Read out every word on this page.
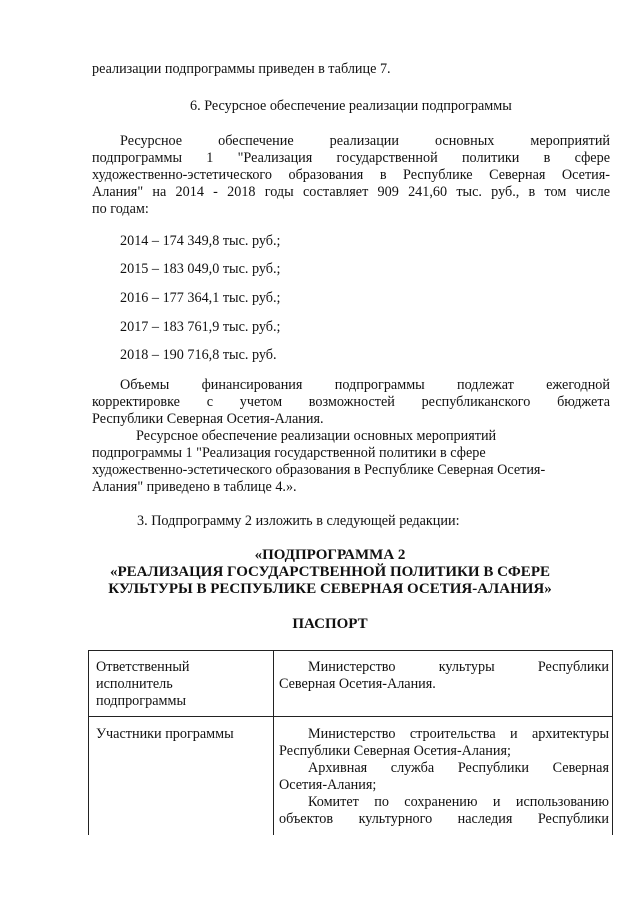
реализации подпрограммы приведен в таблице 7.
6. Ресурсное обеспечение реализации подпрограммы
Ресурсное обеспечение реализации основных мероприятий
подпрограммы 1 "Реализация государственной политики в сфере
художественно-эстетического образования в Республике Северная Осетия-
Алания" на 2014 - 2018 годы составляет 909 241,60 тыс. руб., в том числе
по годам:
2014 – 174 349,8 тыс. руб.;
2015 – 183 049,0 тыс. руб.;
2016 – 177 364,1 тыс. руб.;
2017 – 183 761,9 тыс. руб.;
2018 – 190 716,8 тыс. руб.
Объемы финансирования подпрограммы подлежат ежегодной
корректировке с учетом возможностей республиканского бюджета
Республики Северная Осетия-Алания.
Ресурсное обеспечение реализации основных мероприятий
подпрограммы 1 "Реализация государственной политики в сфере
художественно-эстетического образования в Республике Северная Осетия-
Алания" приведено в таблице 4.».
3. Подпрограмму 2 изложить в следующей редакции:
«ПОДПРОГРАММА 2
«РЕАЛИЗАЦИЯ ГОСУДАРСТВЕННОЙ ПОЛИТИКИ В СФЕРЕ
КУЛЬТУРЫ В РЕСПУБЛИКЕ СЕВЕРНАЯ ОСЕТИЯ-АЛАНИЯ»
ПАСПОРТ
Ответственный
исполнитель
подпрограммы
Министерство культуры Республики
Северная Осетия-Алания.
Участники программы	Министерство строительства и архитектуры
Республики Северная Осетия-Алания;
Архивная служба Республики Северная
Осетия-Алания;
Комитет по сохранению и использованию
объектов культурного наследия Республики
